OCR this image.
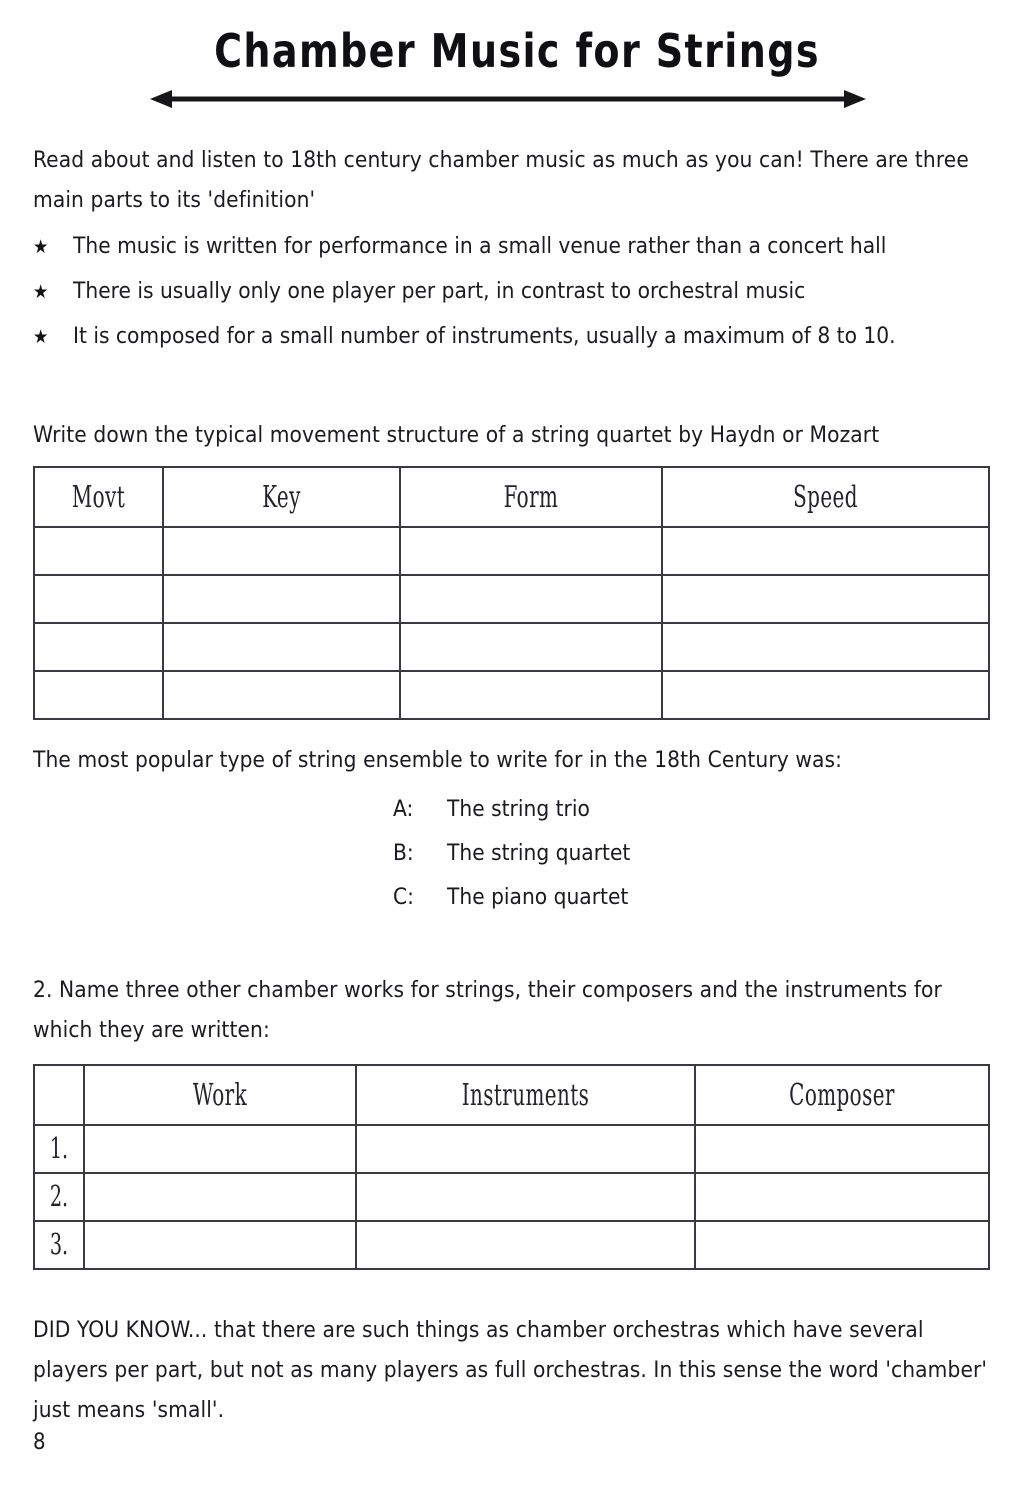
Chamber Music for Strings
Read about and listen to 18th century chamber music as much as you can! There are three main parts to its 'definition'
★	The music is written for performance in a small venue rather than a concert hall
★	There is usually only one player per part, in contrast to orchestral music
★	It is composed for a small number of instruments, usually a maximum of 8 to 10.
Write down the typical movement structure of a string quartet by Haydn or Mozart
Movt	Key	Form	Speed

The most popular type of string ensemble to write for in the 18th Century was:
A:	The string trio
B:	The string quartet
C:	The piano quartet
2. Name three other chamber works for strings, their composers and the instruments for which they are written:
	Work	Instruments	Composer
1.			
2.			
3.			
DID YOU KNOW... that there are such things as chamber orchestras which have several players per part, but not as many players as full orchestras. In this sense the word 'chamber' just means 'small'.
8
